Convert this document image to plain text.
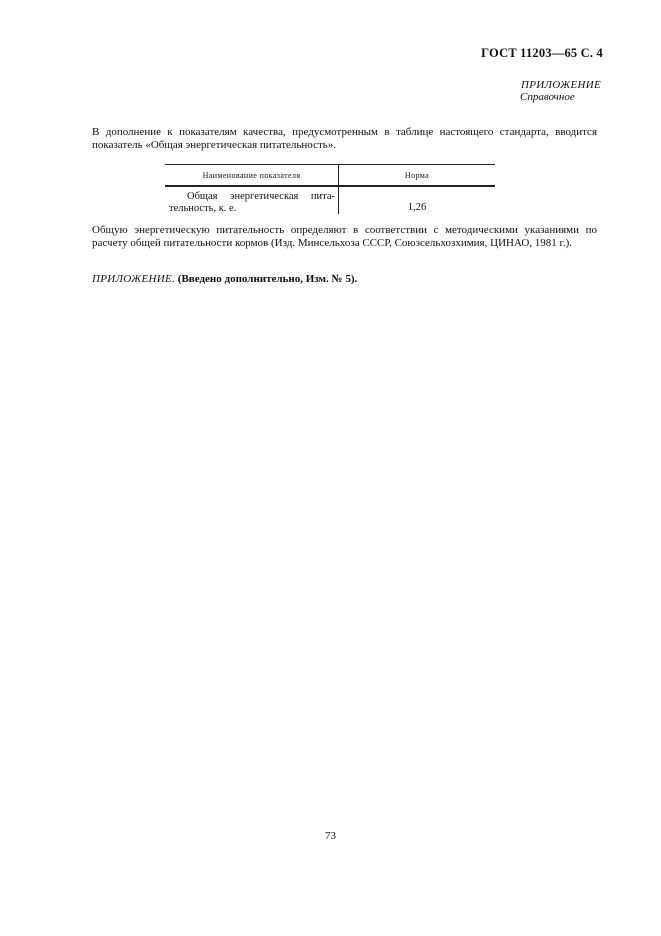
ГОСТ 11203—65 С. 4
ПРИЛОЖЕНИЕ
Справочное
В дополнение к показателям качества, предусмотренным в таблице настоящего стандарта, вводится показатель «Общая энергетическая питательность».
Наименование показателя	Норма
Общая энергетическая пита-
тельность, к. е.	1,26
Общую энергетическую питательность определяют в соответствии с методическими указаниями по расчету общей питательности кормов (Изд. Минсельхоза СССР, Союзсельхозхимия, ЦИНАО, 1981 г.).
ПРИЛОЖЕНИЕ. (Введено дополнительно, Изм. № 5).
73
